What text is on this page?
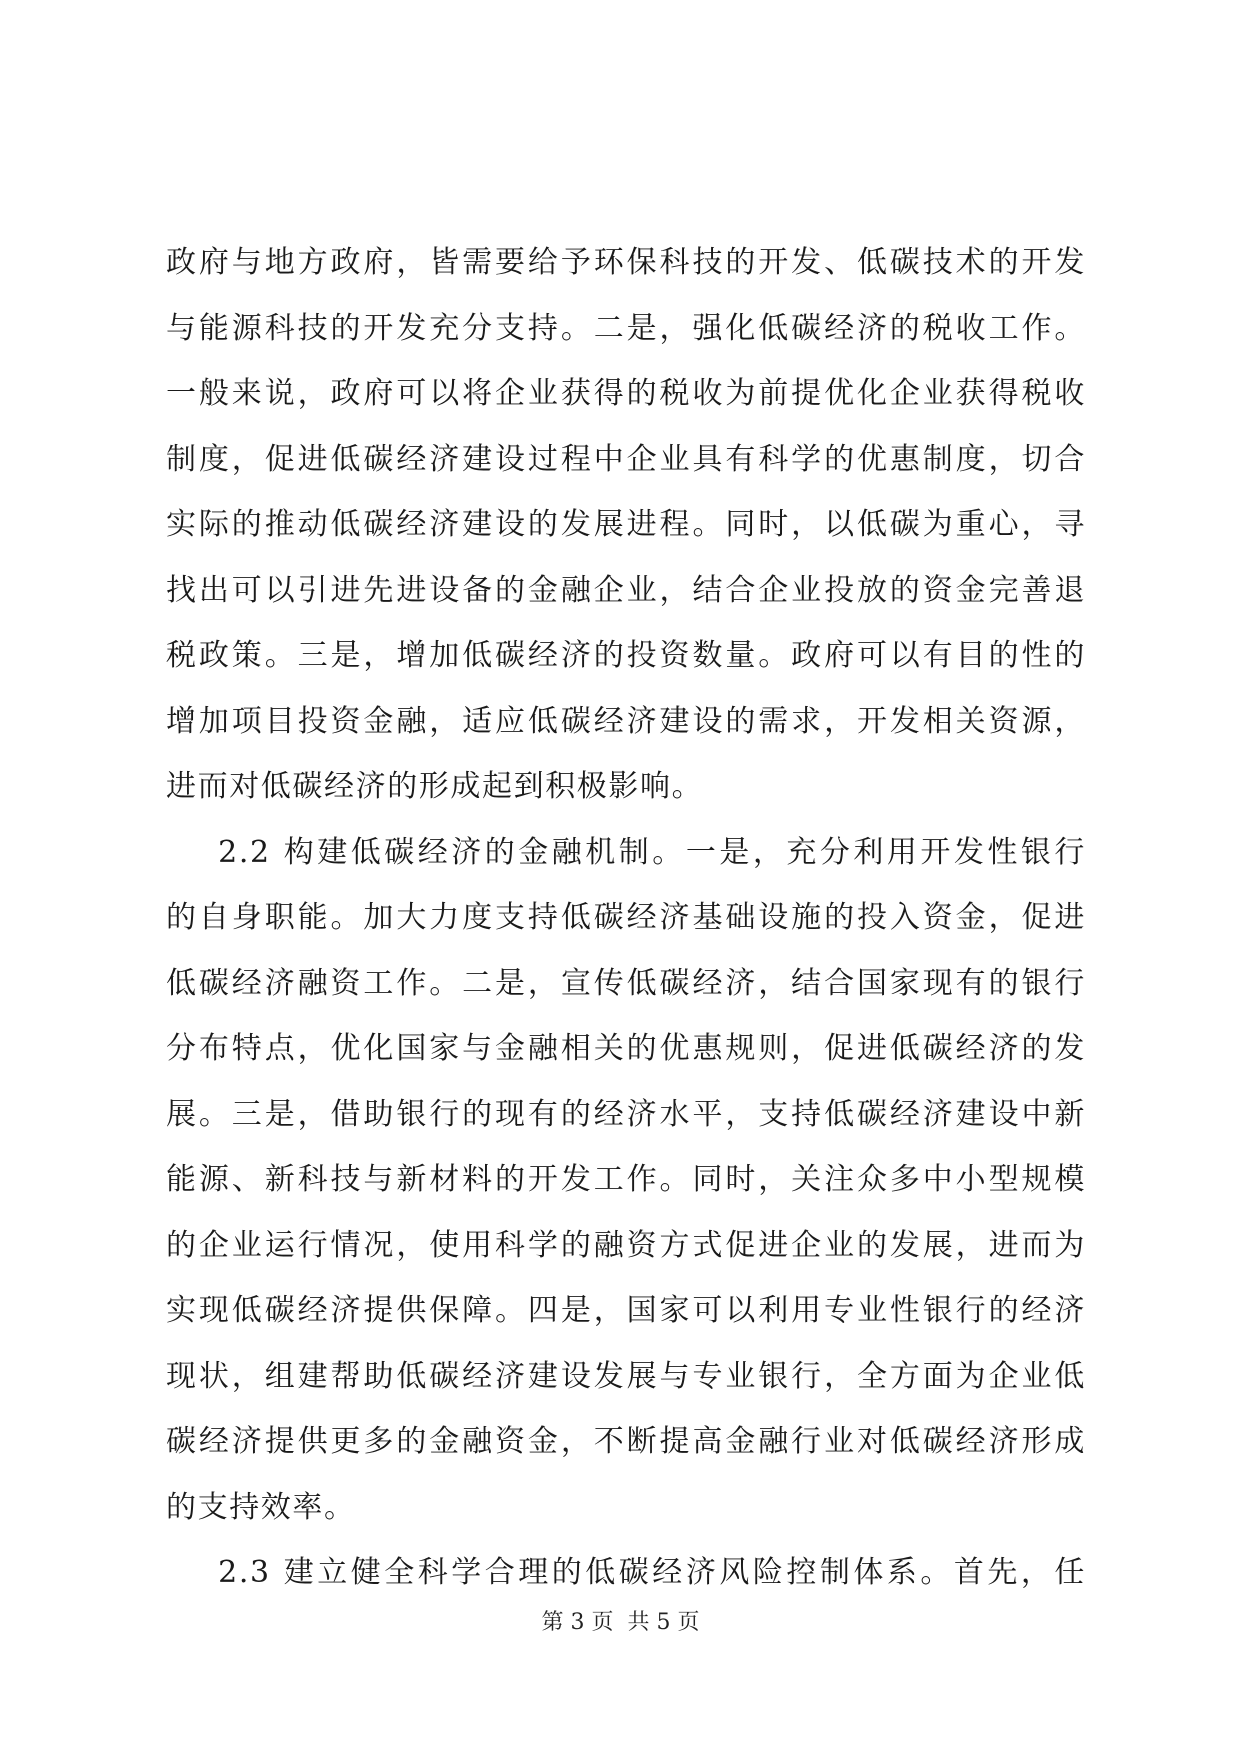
政府与地方政府，皆需要给予环保科技的开发、低碳技术的开发
与能源科技的开发充分支持。二是，强化低碳经济的税收工作。
一般来说，政府可以将企业获得的税收为前提优化企业获得税收
制度，促进低碳经济建设过程中企业具有科学的优惠制度，切合
实际的推动低碳经济建设的发展进程。同时，以低碳为重心，寻
找出可以引进先进设备的金融企业，结合企业投放的资金完善退
税政策。三是，增加低碳经济的投资数量。政府可以有目的性的
增加项目投资金融，适应低碳经济建设的需求，开发相关资源，
进而对低碳经济的形成起到积极影响。
2.2 构建低碳经济的金融机制。一是，充分利用开发性银行
的自身职能。加大力度支持低碳经济基础设施的投入资金，促进
低碳经济融资工作。二是，宣传低碳经济，结合国家现有的银行
分布特点，优化国家与金融相关的优惠规则，促进低碳经济的发
展。三是，借助银行的现有的经济水平，支持低碳经济建设中新
能源、新科技与新材料的开发工作。同时，关注众多中小型规模
的企业运行情况，使用科学的融资方式促进企业的发展，进而为
实现低碳经济提供保障。四是，国家可以利用专业性银行的经济
现状，组建帮助低碳经济建设发展与专业银行，全方面为企业低
碳经济提供更多的金融资金，不断提高金融行业对低碳经济形成
的支持效率。
2.3 建立健全科学合理的低碳经济风险控制体系。首先，任
第 3 页  共 5 页
